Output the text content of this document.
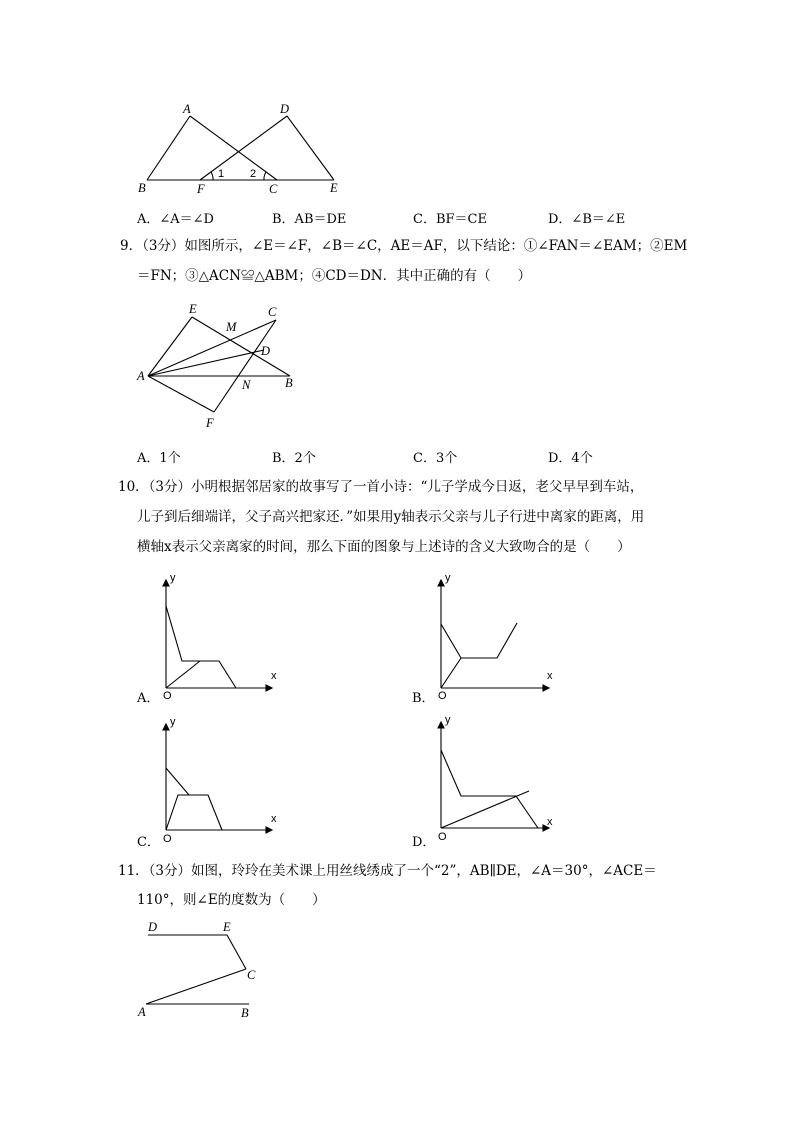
A	D
B	F
1 2
C	E
A．∠A＝∠D	B．AB＝DE	C．BF＝CE	D．∠B＝∠E
9．（3分）如图所示，∠E＝∠F，∠B＝∠C，AE＝AF，以下结论：①∠FAN＝∠EAM；②EM
＝FN；③△ACN≌△ABM；④CD＝DN．其中正确的有（　　）
E
M
C
D
A
N	B
F
A．1个	B．2个	C．3个	D．4个
10．（3分）小明根据邻居家的故事写了一首小诗：“儿子学成今日返，老父早早到车站，
儿子到后细端详，父子高兴把家还．”如果用y轴表示父亲与儿子行进中离家的距离，用
横轴x表示父亲离家的时间，那么下面的图象与上述诗的含义大致吻合的是（　　）
y
x
O
A．
y
x
O
B．
y
x
O
C．
y
x
O
D．
11．（3分）如图，玲玲在美术课上用丝线绣成了一个“2”，AB∥DE，∠A＝30°，∠ACE＝
110°，则∠E的度数为（　　）
D	E
C
A	B
